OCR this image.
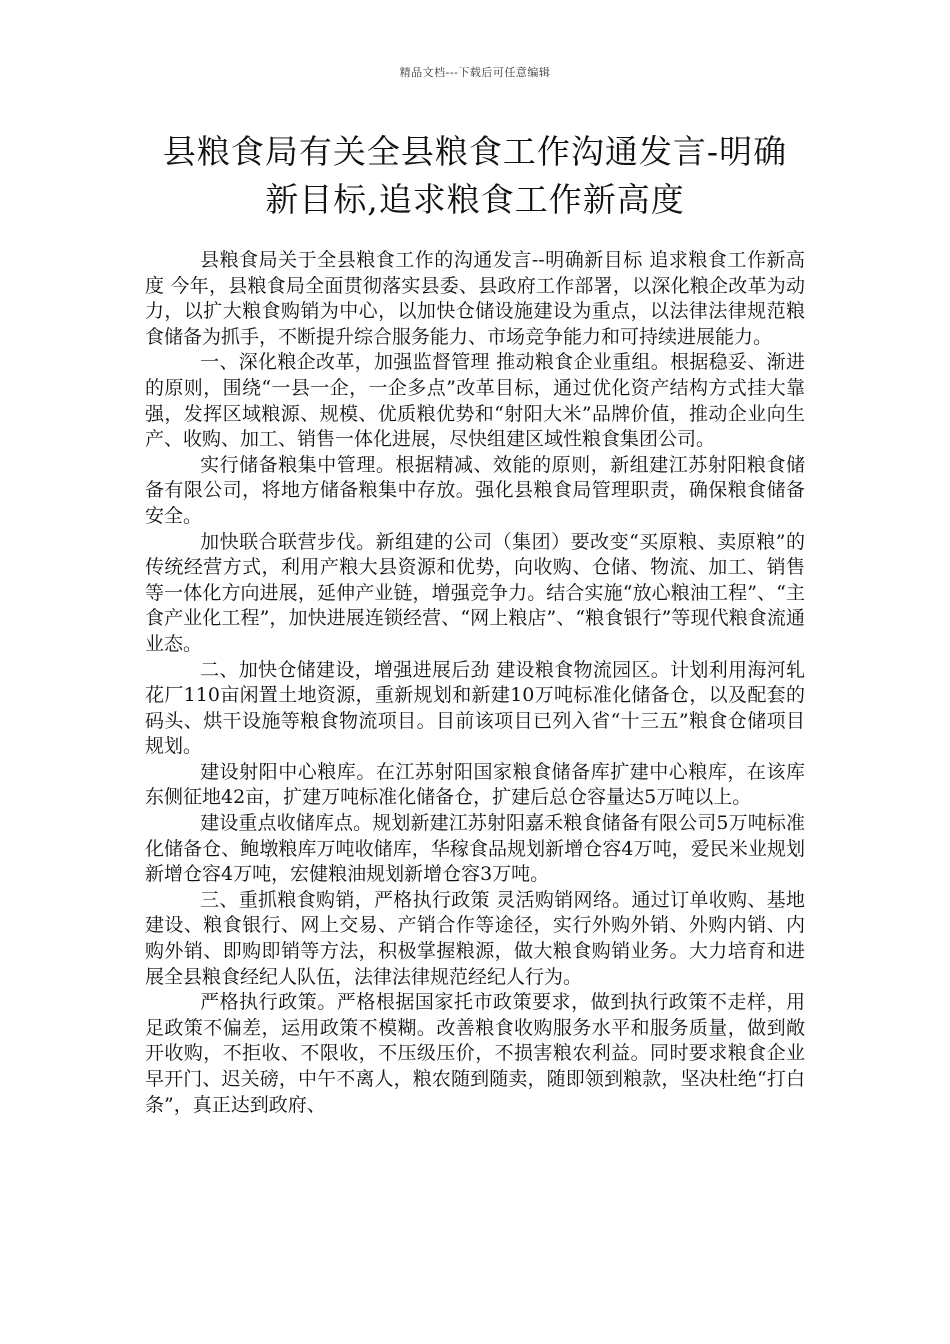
精品文档---下载后可任意编辑
县粮食局有关全县粮食工作沟通发言-明确
新目标,追求粮食工作新高度

县粮食局关于全县粮食工作的沟通发言--明确新目标 追求粮食工作新高度 今年，县粮食局全面贯彻落实县委、县政府工作部署，以深化粮企改革为动力，以扩大粮食购销为中心，以加快仓储设施建设为重点，以法律法律规范粮食储备为抓手，不断提升综合服务能力、市场竞争能力和可持续进展能力。

一、深化粮企改革，加强监督管理 推动粮食企业重组。根据稳妥、渐进的原则，围绕“一县一企，一企多点”改革目标，通过优化资产结构方式挂大靠强，发挥区域粮源、规模、优质粮优势和“射阳大米”品牌价值，推动企业向生产、收购、加工、销售一体化进展，尽快组建区域性粮食集团公司。

实行储备粮集中管理。根据精减、效能的原则，新组建江苏射阳粮食储备有限公司，将地方储备粮集中存放。强化县粮食局管理职责，确保粮食储备安全。

加快联合联营步伐。新组建的公司（集团）要改变“买原粮、卖原粮”的传统经营方式，利用产粮大县资源和优势，向收购、仓储、物流、加工、销售等一体化方向进展，延伸产业链，增强竞争力。结合实施“放心粮油工程”、“主食产业化工程”，加快进展连锁经营、“网上粮店”、“粮食银行”等现代粮食流通业态。

二、加快仓储建设，增强进展后劲 建设粮食物流园区。计划利用海河轧花厂110亩闲置土地资源，重新规划和新建10万吨标准化储备仓，以及配套的码头、烘干设施等粮食物流项目。目前该项目已列入省“十三五”粮食仓储项目规划。

建设射阳中心粮库。在江苏射阳国家粮食储备库扩建中心粮库，在该库东侧征地42亩，扩建万吨标准化储备仓，扩建后总仓容量达5万吨以上。

建设重点收储库点。规划新建江苏射阳嘉禾粮食储备有限公司5万吨标准化储备仓、鲍墩粮库万吨收储库，华稼食品规划新增仓容4万吨，爱民米业规划新增仓容4万吨，宏健粮油规划新增仓容3万吨。

三、重抓粮食购销，严格执行政策 灵活购销网络。通过订单收购、基地建设、粮食银行、网上交易、产销合作等途径，实行外购外销、外购内销、内购外销、即购即销等方法，积极掌握粮源，做大粮食购销业务。大力培育和进展全县粮食经纪人队伍，法律法律规范经纪人行为。

严格执行政策。严格根据国家托市政策要求，做到执行政策不走样，用足政策不偏差，运用政策不模糊。改善粮食收购服务水平和服务质量，做到敞开收购，不拒收、不限收，不压级压价，不损害粮农利益。同时要求粮食企业早开门、迟关磅，中午不离人，粮农随到随卖，随即领到粮款，坚决杜绝“打白条”，真正达到政府、
